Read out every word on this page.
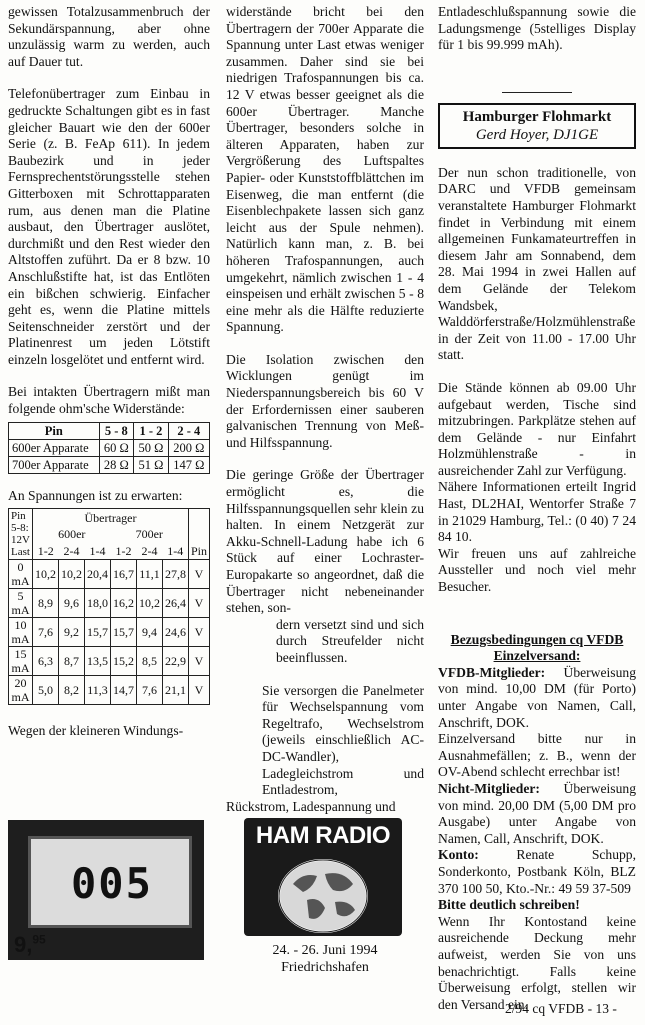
gewissen Totalzusammenbruch der Sekundärspannung, aber ohne unzulässig warm zu werden, auch auf Dauer tut.

Telefonübertrager zum Einbau in gedruckte Schaltungen gibt es in fast gleicher Bauart wie den der 600er Serie (z. B. FeAp 611). In jedem Baubezirk und in jeder Fernsprechentstörungsstelle stehen Gitterboxen mit Schrottapparaten rum, aus denen man die Platine ausbaut, den Übertrager auslötet, durchmißt und den Rest wieder den Altstoffen zuführt. Da er 8 bzw. 10 Anschlußstifte hat, ist das Entlöten ein bißchen schwierig. Einfacher geht es, wenn die Platine mittels Seitenschneider zerstört und der Platinenrest um jeden Lötstift einzeln losgelötet und entfernt wird.

Bei intakten Übertragern mißt man folgende ohm'sche Widerstände:

Pin	5 - 8	1 - 2	2 - 4
600er Apparate	60 Ω	50 Ω	200 Ω
700er Apparate	28 Ω	51 Ω	147 Ω

An Spannungen ist zu erwarten:

Pin 5-8:
12V
Last	Übertrager						
	600er			700er			
	1-2	2-4	1-4	1-2	2-4	1-4	Pin
0 mA	10,2	10,2	20,4	16,7	11,1	27,8	V
5 mA	8,9	9,6	18,0	16,2	10,2	26,4	V
10 mA	7,6	9,2	15,7	15,7	9,4	24,6	V
15 mA	6,3	8,7	13,5	15,2	8,5	22,9	V
20 mA	5,0	8,2	11,3	14,7	7,6	21,1	V

Wegen der kleineren Windungs-

005
9,95

widerstände bricht bei den Übertragern der 700er Apparate die Spannung unter Last etwas weniger zusammen. Daher sind sie bei niedrigen Trafospannungen bis ca. 12 V etwas besser geeignet als die 600er Übertrager. Manche Übertrager, besonders solche in älteren Apparaten, haben zur Vergrößerung des Luftspaltes Papier- oder Kunststoffblättchen im Eisenweg, die man entfernt (die Eisenblechpakete lassen sich ganz leicht aus der Spule nehmen). Natürlich kann man, z. B. bei höheren Trafospannungen, auch umgekehrt, nämlich zwischen 1 - 4 einspeisen und erhält zwischen 5 - 8 eine mehr als die Hälfte reduzierte Spannung.

Die Isolation zwischen den Wicklungen genügt im Niederspannungsbereich bis 60 V der Erfordernissen einer sauberen galvanischen Trennung von Meß- und Hilfsspannung.

Die geringe Größe der Übertrager ermöglicht es, die Hilfsspannungsquellen sehr klein zu halten. In einem Netzgerät zur Akku-Schnell-Ladung habe ich 6 Stück auf einer Lochraster-Europakarte so angeordnet, daß die Übertrager nicht nebeneinander stehen, son-

dern versetzt sind und sich durch Streufelder nicht beeinflussen.

Sie versorgen die Panelmeter für Wechselspannung vom Regeltrafo, Wechselstrom (jeweils einschließlich AC-DC-Wandler), Ladegleichstrom und Entladestrom,

Rückstrom, Ladespannung und

HAM RADIO
24. - 26. Juni 1994
Friedrichshafen

Entladeschlußspannung sowie die Ladungsmenge (5stelliges Display für 1 bis 99.999 mAh).

Hamburger Flohmarkt
Gerd Hoyer, DJ1GE

Der nun schon traditionelle, von DARC und VFDB gemeinsam veranstaltete Hamburger Flohmarkt findet in Verbindung mit einem allgemeinen Funkamateurtreffen in diesem Jahr am Sonnabend, dem 28. Mai 1994 in zwei Hallen auf dem Gelände der Telekom Wandsbek, Walddörferstraße/Holzmühlenstraße in der Zeit von 11.00 - 17.00 Uhr statt.

Die Stände können ab 09.00 Uhr aufgebaut werden, Tische sind mitzubringen. Parkplätze stehen auf dem Gelände - nur Einfahrt Holzmühlenstraße - in ausreichender Zahl zur Verfügung.

Nähere Informationen erteilt Ingrid Hast, DL2HAI, Wentorfer Straße 7 in 21029 Hamburg, Tel.: (0 40) 7 24 84 10.

Wir freuen uns auf zahlreiche Aussteller und noch viel mehr Besucher.

Bezugsbedingungen cq VFDB
Einzelversand:
VFDB-Mitglieder: Überweisung von mind. 10,00 DM (für Porto) unter Angabe von Namen, Call, Anschrift, DOK.
Einzelversand bitte nur in Ausnahmefällen; z. B., wenn der OV-Abend schlecht errechbar ist!
Nicht-Mitglieder: Überweisung von mind. 20,00 DM (5,00 DM pro Ausgabe) unter Angabe von Namen, Call, Anschrift, DOK.
Konto: Renate Schupp, Sonderkonto, Postbank Köln, BLZ 370 100 50, Kto.-Nr.: 49 59 37-509
Bitte deutlich schreiben!
Wenn Ihr Kontostand keine ausreichende Deckung mehr aufweist, werden Sie von uns benachrichtigt. Falls keine Überweisung erfolgt, stellen wir den Versand ein.
2/94 cq VFDB - 13 -
